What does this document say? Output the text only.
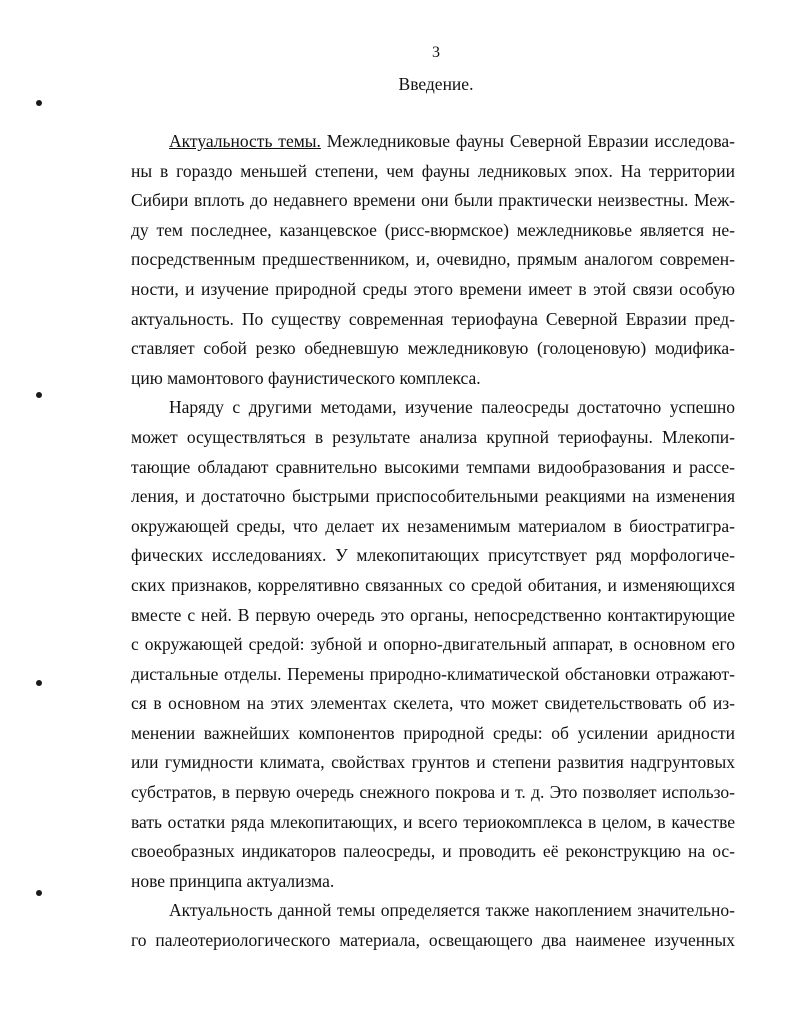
3
Введение.
Актуальность темы. Межледниковые фауны Северной Евразии исследова-
ны в гораздо меньшей степени, чем фауны ледниковых эпох. На территории
Сибири вплоть до недавнего времени они были практически неизвестны. Меж-
ду тем последнее, казанцевское (рисс-вюрмское) межледниковье является не-
посредственным предшественником, и, очевидно, прямым аналогом современ-
ности, и изучение природной среды этого времени имеет в этой связи особую
актуальность. По существу современная териофауна Северной Евразии пред-
ставляет собой резко обедневшую межледниковую (голоценовую) модифика-
цию мамонтового фаунистического комплекса.
Наряду с другими методами, изучение палеосреды достаточно успешно
может осуществляться в результате анализа крупной териофауны. Млекопи-
тающие обладают сравнительно высокими темпами видообразования и рассе-
ления, и достаточно быстрыми приспособительными реакциями на изменения
окружающей среды, что делает их незаменимым материалом в биостратигра-
фических исследованиях. У млекопитающих присутствует ряд морфологиче-
ских признаков, коррелятивно связанных со средой обитания, и изменяющихся
вместе с ней. В первую очередь это органы, непосредственно контактирующие
с окружающей средой: зубной и опорно-двигательный аппарат, в основном его
дистальные отделы. Перемены природно-климатической обстановки отражают-
ся в основном на этих элементах скелета, что может свидетельствовать об из-
менении важнейших компонентов природной среды: об усилении аридности
или гумидности климата, свойствах грунтов и степени развития надгрунтовых
субстратов, в первую очередь снежного покрова и т. д. Это позволяет использо-
вать остатки ряда млекопитающих, и всего териокомплекса в целом, в качестве
своеобразных индикаторов палеосреды, и проводить её реконструкцию на ос-
нове принципа актуализма.
Актуальность данной темы определяется также накоплением значительно-
го палеотериологического материала, освещающего два наименее изученных
